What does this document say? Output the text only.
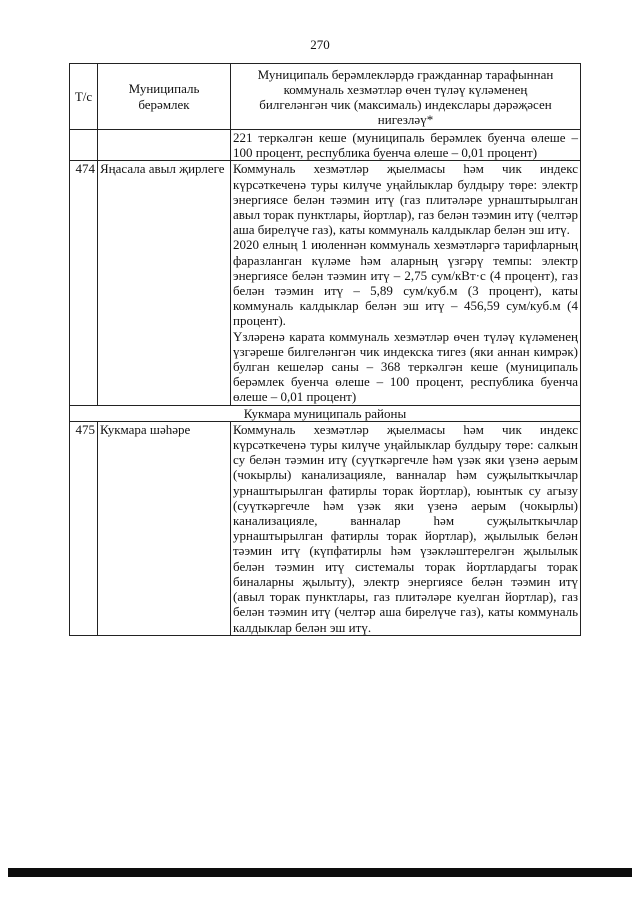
270
Т/с	Муниципаль берәмлек	Муниципаль берәмлекләрдә гражданнар тарафыннан коммуналь хезмәтләр өчен түләү күләменең билгеләнгән чик (максималь) индекслары дәрәҗәсен нигезләү*
		221 теркәлгән кеше (муниципаль берәмлек буенча өлеше – 100 процент, республика буенча өлеше – 0,01 процент)
474	Яңасала авыл җирлеге	Коммуналь хезмәтләр җыелмасы һәм чик индекс күрсәткеченә туры килүче уңайлыклар булдыру төре: электр энергиясе белән тәэмин итү (газ плитәләре урнаштырылган авыл торак пунктлары, йортлар), газ белән тәэмин итү (челтәр аша бирелүче газ), каты коммуналь калдыклар белән эш итү.

2020 елның 1 июленнән коммуналь хезмәтләргә тарифларның фаразланган күләме һәм аларның үзгәрү темпы: электр энергиясе белән тәэмин итү – 2,75 сум/кВт·с (4 процент), газ белән тәэмин итү – 5,89 сум/куб.м (3 процент), каты коммуналь калдыклар белән эш итү – 456,59 сум/куб.м (4 процент).

Үзләренә карата коммуналь хезмәтләр өчен түләү күләменең үзгәреше билгеләнгән чик индекска тигез (яки аннан кимрәк) булган кешеләр саны – 368 теркәлгән кеше (муниципаль берәмлек буенча өлеше – 100 процент, республика буенча өлеше – 0,01 процент)

Кукмара муниципаль районы		
475	Кукмара шәһәре	Коммуналь хезмәтләр җыелмасы һәм чик индекс күрсәткеченә туры килүче уңайлыклар булдыру төре: салкын су белән тәэмин итү (суүткәргечле һәм үзәк яки үзенә аерым (чокырлы) канализацияле, ванналар һәм суҗылыткычлар урнаштырылган фатирлы торак йортлар), юынтык су агызу (суүткәргечле һәм үзәк яки үзенә аерым (чокырлы) канализацияле, ванналар һәм суҗылыткычлар урнаштырылган фатирлы торак йортлар), җылылык белән тәэмин итү (күпфатирлы һәм үзәкләштерелгән җылылык белән тәэмин итү системалы торак йортлардагы торак биналарны җылыту), электр энергиясе белән тәэмин итү (авыл торак пунктлары, газ плитәләре куелган йортлар), газ белән тәэмин итү (челтәр аша бирелүче газ), каты коммуналь калдыклар белән эш итү.
